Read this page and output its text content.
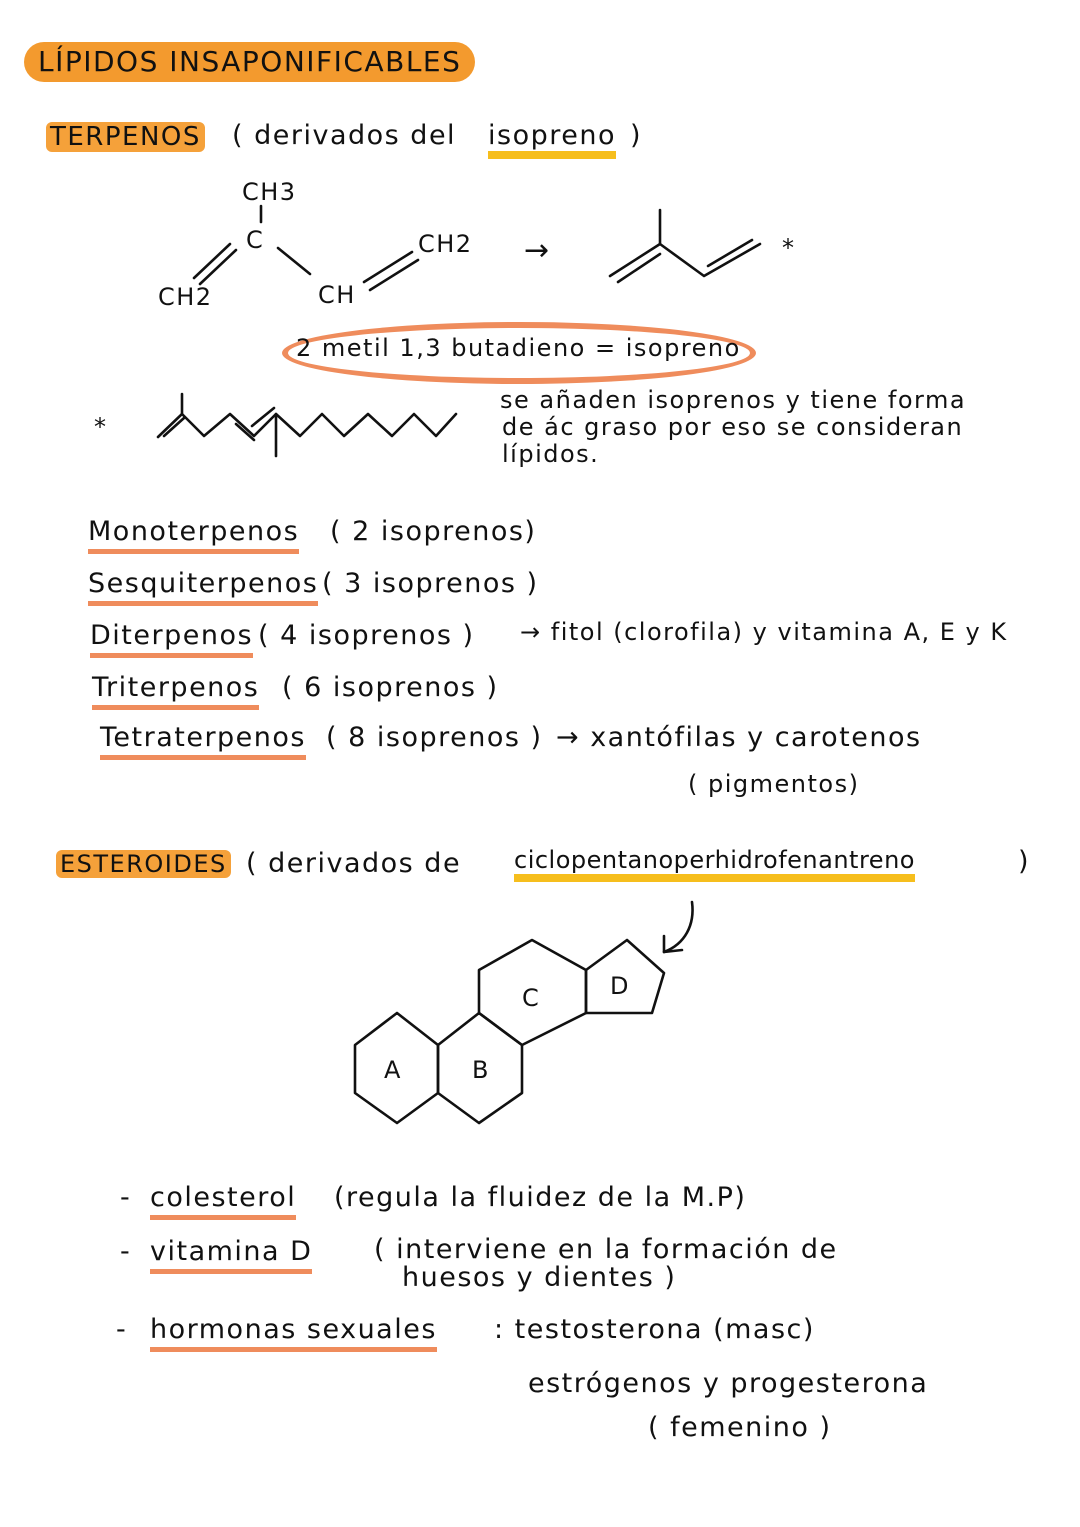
LÍPIDOS INSAPONIFICABLES
TERPENOS ( derivados del isopreno )
CH3
C
CH2	CH
CH2 →	*
2 metil 1,3 butadieno = isopreno
*
se añaden isoprenos y tiene forma
de ác graso por eso se consideran
lípidos.
Monoterpenos ( 2 isoprenos)
Sesquiterpenos ( 3 isoprenos )
Diterpenos ( 4 isoprenos ) → fitol (clorofila) y vitamina A, E y K
Triterpenos ( 6 isoprenos )
Tetraterpenos ( 8 isoprenos ) → xantófilas y carotenos
( pigmentos)
ESTEROIDES ( derivados de ciclopentanoperhidrofenantreno	)
A	B
C	D
- colesterol (regula la fluidez de la M.P)
- vitamina D ( interviene en la formación de
huesos y dientes )
- hormonas sexuales : testosterona (masc)
estrógenos y progesterona
( femenino )
